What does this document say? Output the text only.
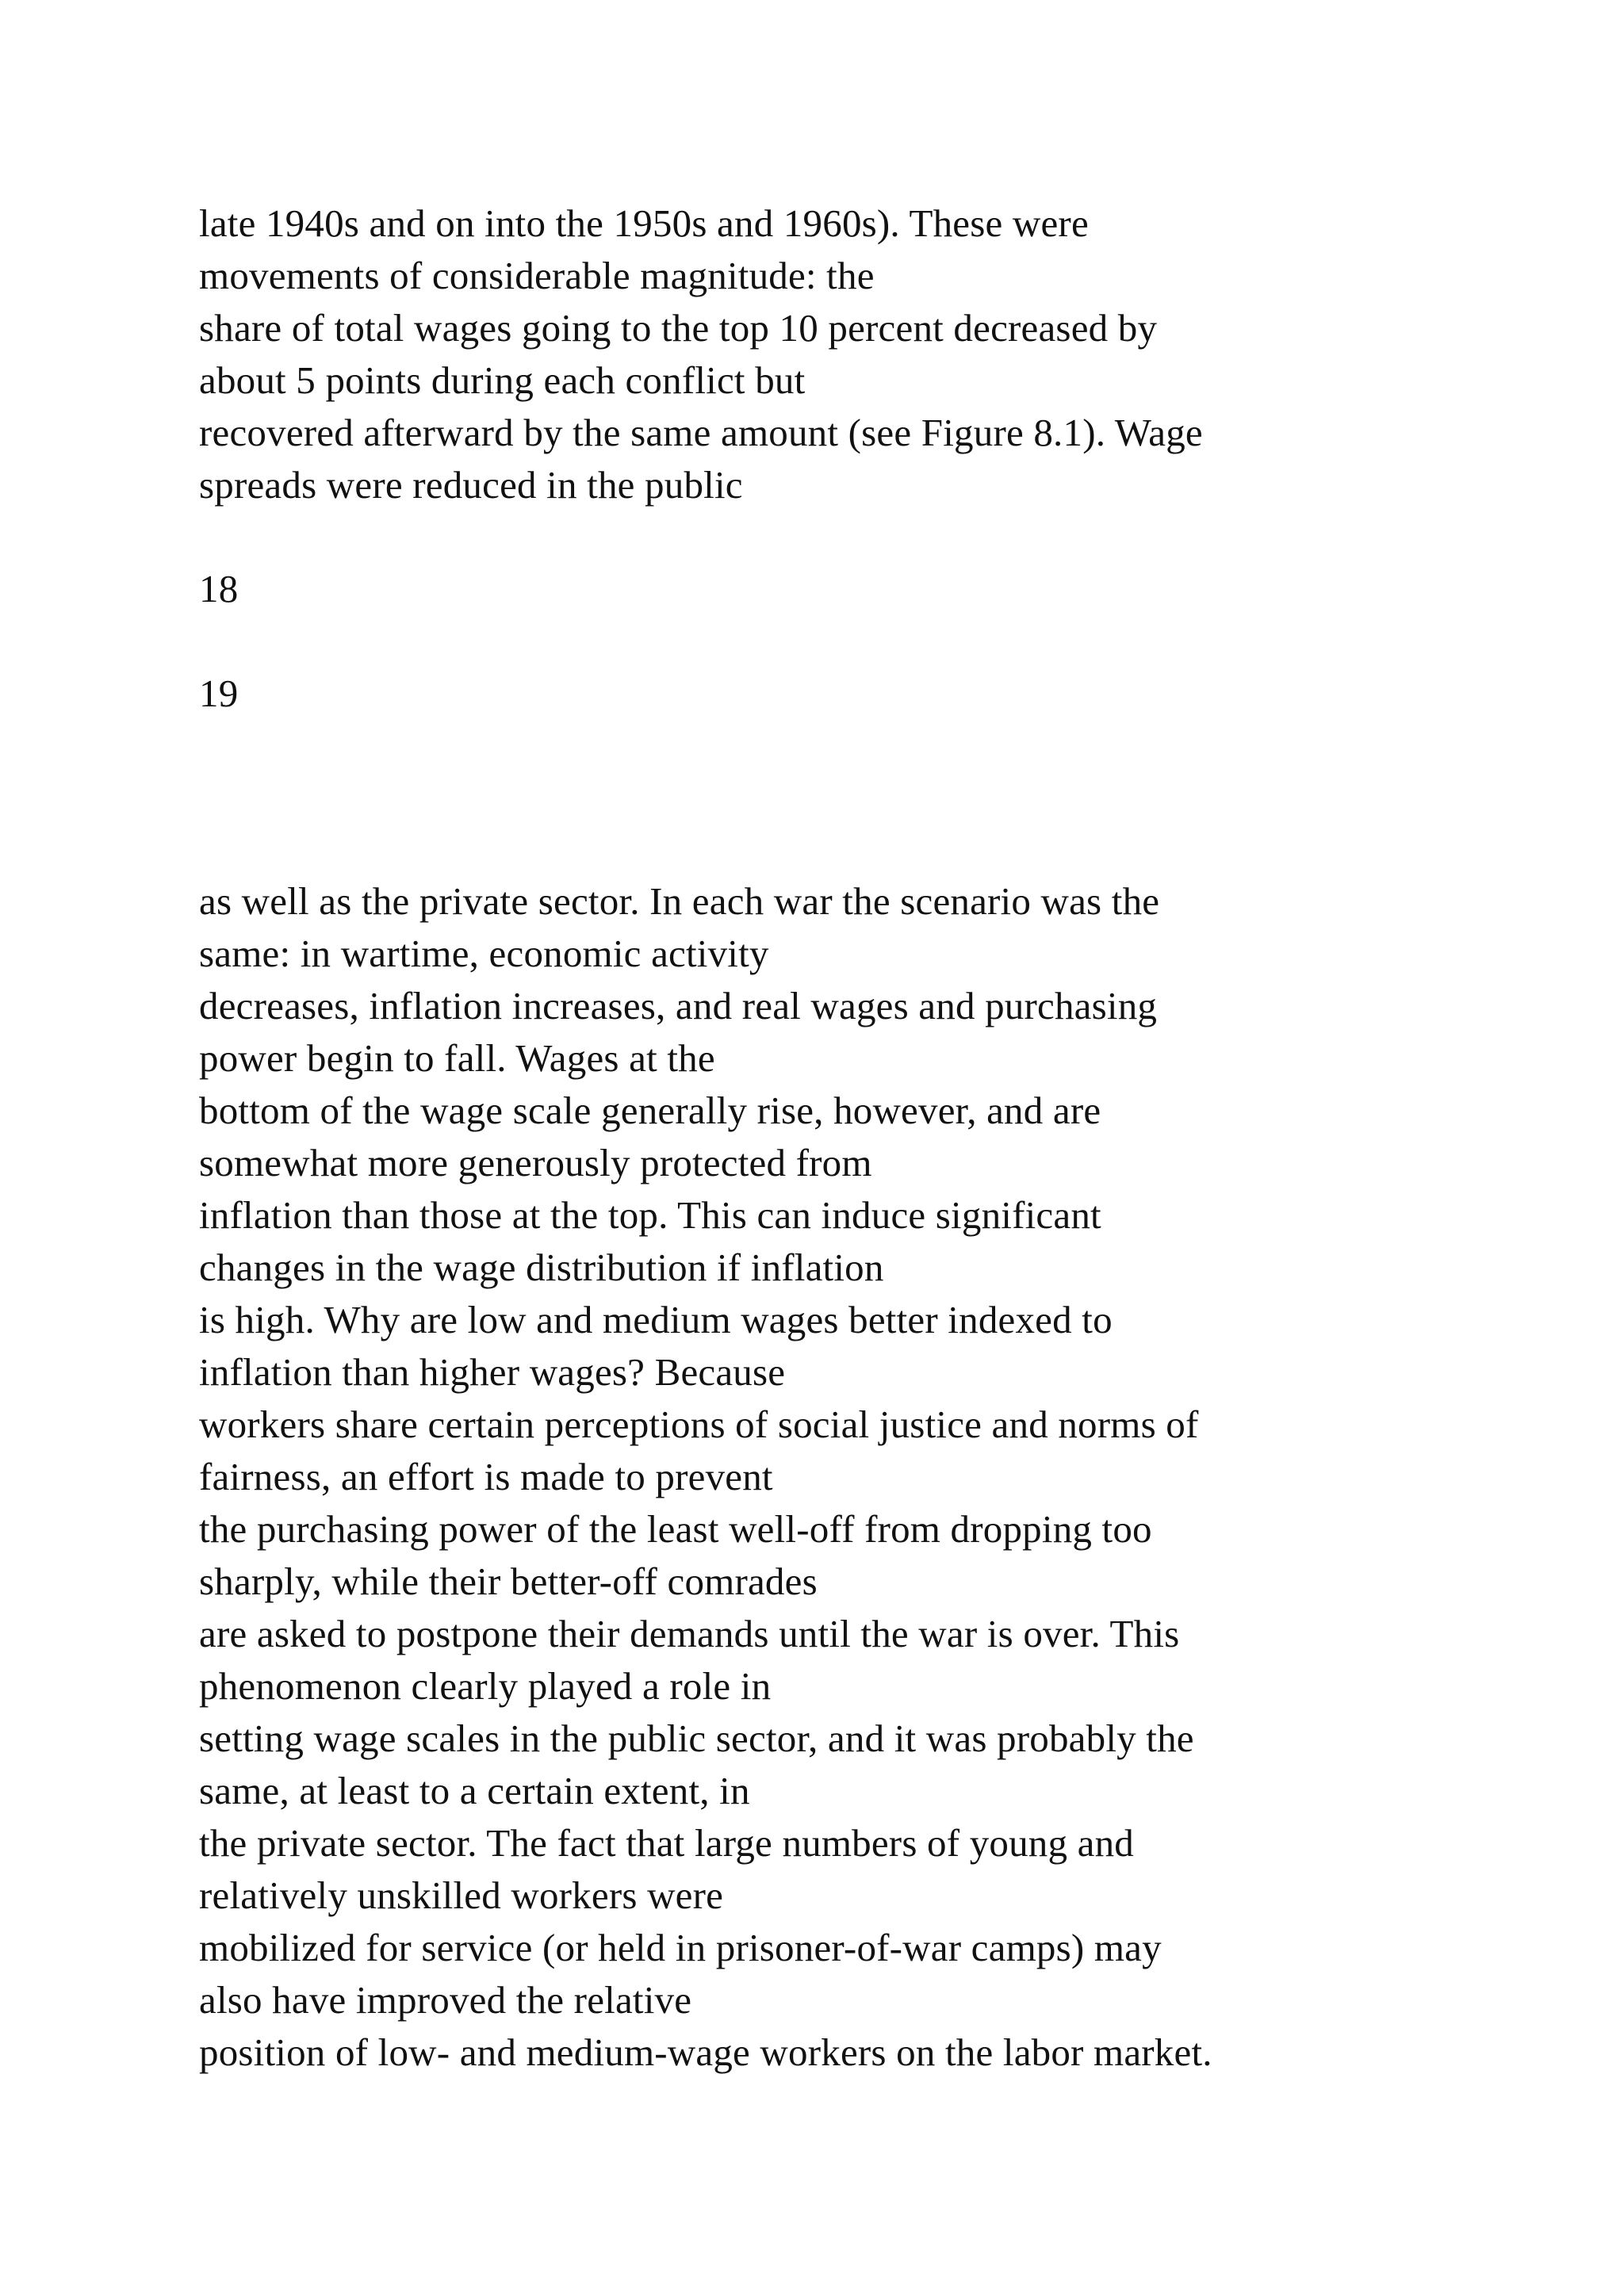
late 1940s and on into the 1950s and 1960s). These were

movements of considerable magnitude: the

share of total wages going to the top 10 percent decreased by

about 5 points during each conflict but

recovered afterward by the same amount (see Figure 8.1). Wage

spreads were reduced in the public

18

19

as well as the private sector. In each war the scenario was the

same: in wartime, economic activity

decreases, inflation increases, and real wages and purchasing

power begin to fall. Wages at the

bottom of the wage scale generally rise, however, and are

somewhat more generously protected from

inflation than those at the top. This can induce significant

changes in the wage distribution if inflation

is high. Why are low and medium wages better indexed to

inflation than higher wages? Because

workers share certain perceptions of social justice and norms of

fairness, an effort is made to prevent

the purchasing power of the least well-off from dropping too

sharply, while their better-off comrades

are asked to postpone their demands until the war is over. This

phenomenon clearly played a role in

setting wage scales in the public sector, and it was probably the

same, at least to a certain extent, in

the private sector. The fact that large numbers of young and

relatively unskilled workers were

mobilized for service (or held in prisoner-of-war camps) may

also have improved the relative

position of low- and medium-wage workers on the labor market.
